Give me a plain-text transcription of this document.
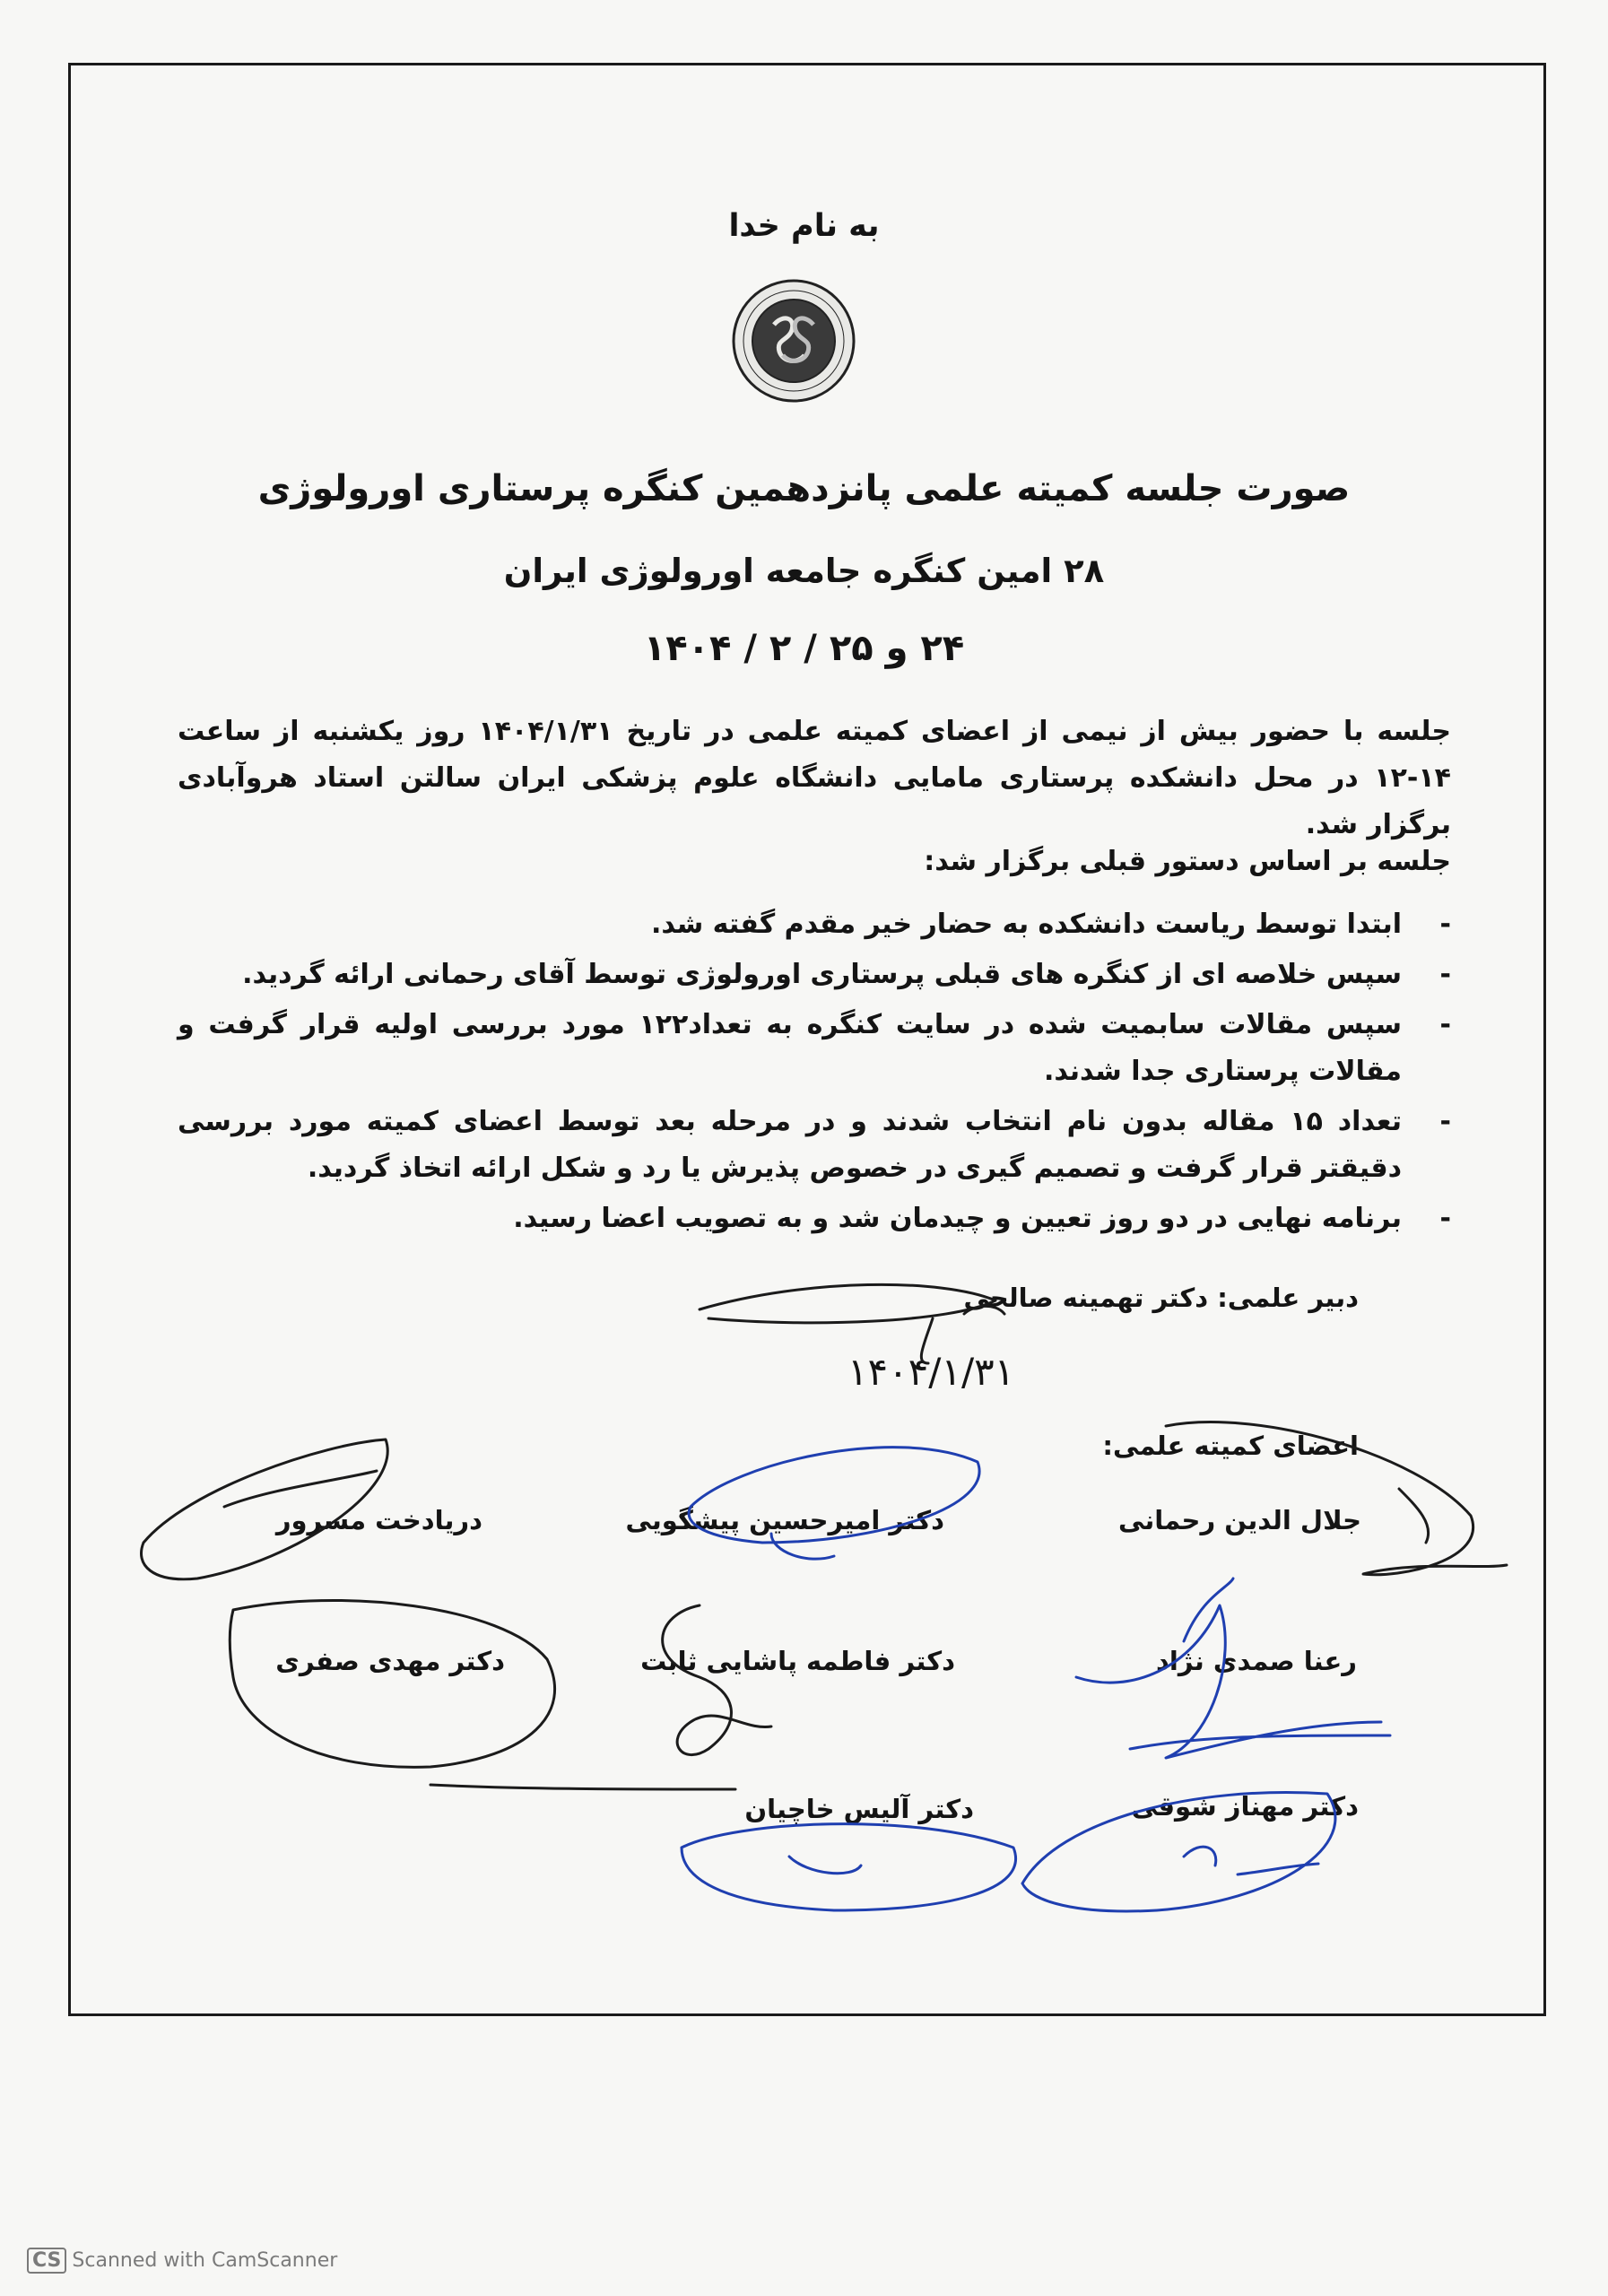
به نام خدا
صورت جلسه کمیته علمی پانزدهمین کنگره پرستاری اورولوژی
۲۸ امین کنگره جامعه اورولوژی ایران
۲۴ و ۲۵ / ۲ / ۱۴۰۴
جلسه با حضور بیش از نیمی از اعضای کمیته علمی در تاریخ ۱۴۰۴/۱/۳۱ روز یکشنبه از ساعت ۱۴-۱۲ در محل دانشکده پرستاری مامایی دانشگاه علوم پزشکی ایران سالتن استاد هروآبادی برگزار شد.
جلسه بر اساس دستور قبلی برگزار شد:
-
ابتدا توسط ریاست دانشکده به حضار خیر مقدم گفته شد.
-
سپس خلاصه ای از کنگره های قبلی پرستاری اورولوژی توسط آقای رحمانی ارائه گردید.
-
سپس مقالات سابمیت شده در سایت کنگره به تعداد۱۲۲ مورد بررسی اولیه قرار گرفت و مقالات پرستاری جدا شدند.
-
تعداد ۱۵ مقاله بدون نام انتخاب شدند و در مرحله بعد توسط اعضای کمیته مورد بررسی دقیقتر قرار گرفت و تصمیم گیری در خصوص پذیرش یا رد و شکل ارائه اتخاذ گردید.
-
برنامه نهایی در دو روز تعیین و چیدمان شد و به تصویب اعضا رسید.
دبیر علمی: دکتر تهمینه صالحی
۱۴۰۴/۱/۳۱
اعضای کمیته علمی:
جلال الدین رحمانی
دکتر امیرحسین پیشگویی
دریادخت مسرور
رعنا صمدی نژاد
دکتر فاطمه پاشایی ثابت
دکتر مهدی صفری
دکتر مهناز شوقی
دکتر آلیس خاچیان
CS Scanned with CamScanner
